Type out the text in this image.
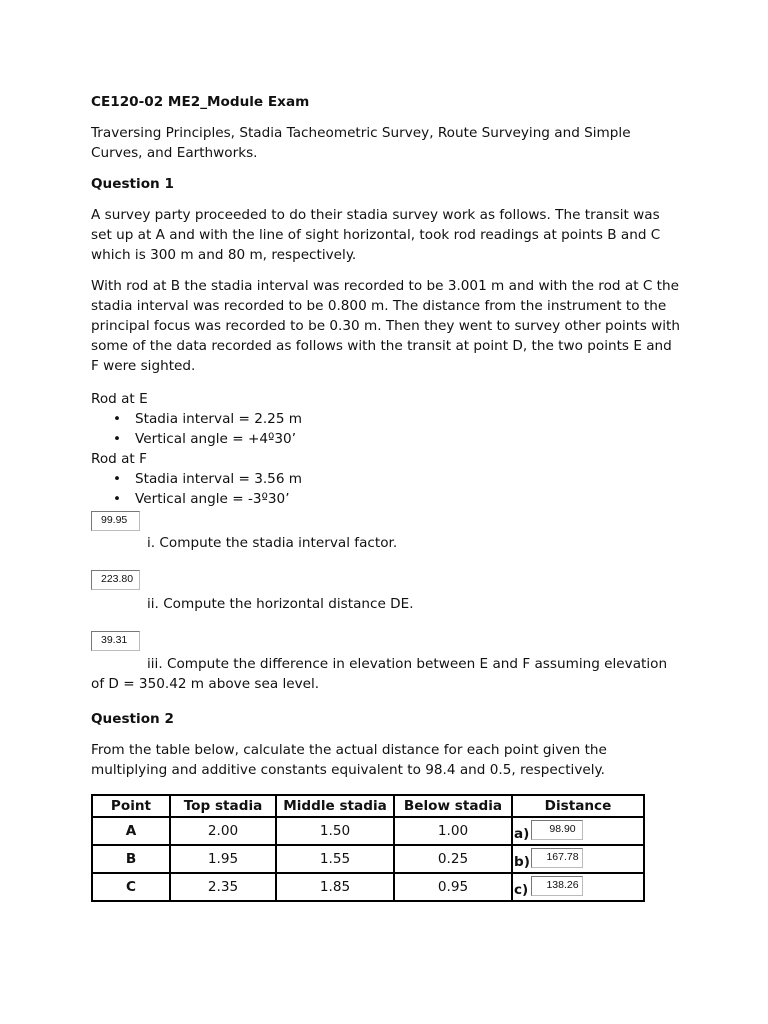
CE120-02 ME2_Module Exam
Traversing Principles, Stadia Tacheometric Survey, Route Surveying and Simple Curves, and Earthworks.
Question 1
A survey party proceeded to do their stadia survey work as follows. The transit was set up at A and with the line of sight horizontal, took rod readings at points B and C which is 300 m and 80 m, respectively.
With rod at B the stadia interval was recorded to be 3.001 m and with the rod at C the stadia interval was recorded to be 0.800 m. The distance from the instrument to the principal focus was recorded to be 0.30 m. Then they went to survey other points with some of the data recorded as follows with the transit at point D, the two points E and F were sighted.
Rod at E
• Stadia interval = 2.25 m
• Vertical angle = +4º30’
Rod at F
• Stadia interval = 3.56 m
• Vertical angle = -3º30’
99.95
i. Compute the stadia interval factor.
223.80
ii. Compute the horizontal distance DE.
39.31
iii. Compute the difference in elevation between E and F assuming elevation of D = 350.42 m above sea level.
Question 2
From the table below, calculate the actual distance for each point given the multiplying and additive constants equivalent to 98.4 and 0.5, respectively.
Point	Top stadia	Middle stadia	Below stadia	Distance
A	2.00	1.50	1.00	a) 98.90

B	1.95	1.55	0.25	b) 167.78

C	2.35	1.85	0.95	c) 138.26
